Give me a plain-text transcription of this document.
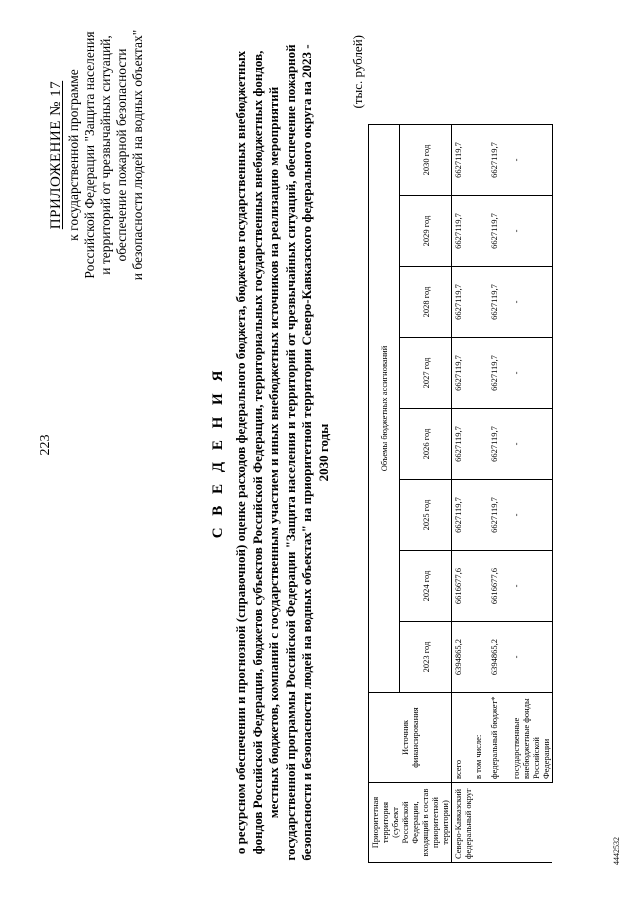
223
ПРИЛОЖЕНИЕ № 17 к государственной программе Российской Федерации "Защита населения и территорий от чрезвычайных ситуаций, обеспечение пожарной безопасности и безопасности людей на водных объектах"
С В Е Д Е Н И Я о ресурсном обеспечении и прогнозной (справочной) оценке расходов федерального бюджета, бюджетов государственных внебюджетных фондов Российской Федерации, бюджетов субъектов Российской Федерации, территориальных государственных внебюджетных фондов, местных бюджетов, компаний с государственным участием и иных внебюджетных источников на реализацию мероприятий государственной программы Российской Федерации "Защита населения и территорий от чрезвычайных ситуаций, обеспечение пожарной безопасности и безопасности людей на водных объектах" на приоритетной территории Северо-Кавказского федерального округа на 2023 - 2030 годы
(тыс. рублей)
Приоритетная территория (субъект Российской Федерации, входящий в состав приоритетной территории)	Источник финансирования	Объемы бюджетных ассигнований							
		2023 год	2024 год	2025 год	2026 год	2027 год	2028 год	2029 год	2030 год
Северо-Кавказский федеральный округ	всего	6394865,2	6616677,6	6627119,7	6627119,7	6627119,7	6627119,7	6627119,7	6627119,7
	в том числе:								
	федеральный бюджет*	6394865,2	6616677,6	6627119,7	6627119,7	6627119,7	6627119,7	6627119,7	6627119,7
	государственные внебюджетные фонды Российской Федерации	-	-	-	-	-	-	-	-
4442532
